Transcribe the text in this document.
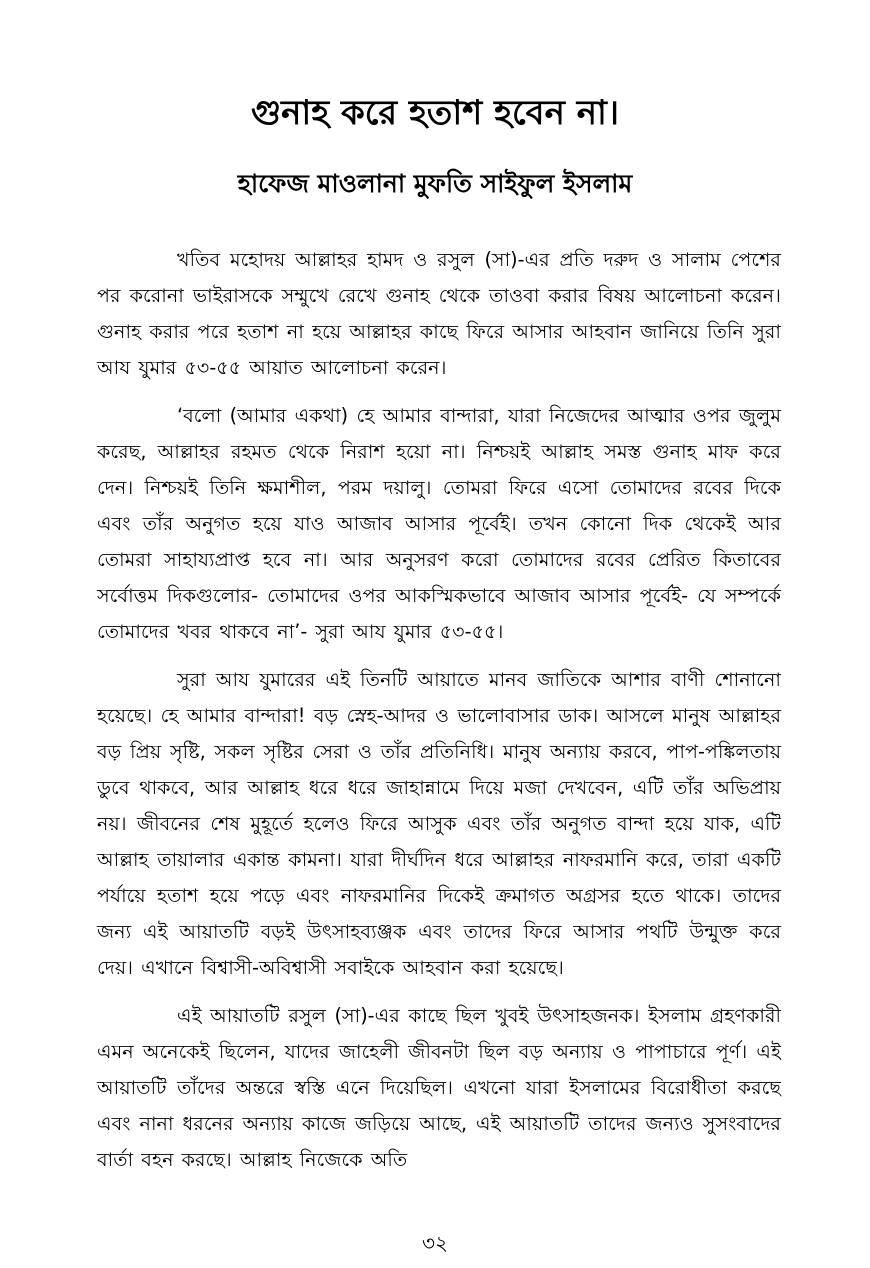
গুনাহ করে হতাশ হবেন না।
হাফেজ মাওলানা মুফতি সাইফুল ইসলাম

খতিব মহোদয় আল্লাহর হামদ ও রসুল (সা)-এর প্রতি দরুদ ও সালাম পেশের পর করোনা ভাইরাসকে সম্মুখে রেখে গুনাহ থেকে তাওবা করার বিষয় আলোচনা করেন। গুনাহ করার পরে হতাশ না হয়ে আল্লাহর কাছে ফিরে আসার আহবান জানিয়ে তিনি সুরা আয যুমার ৫৩-৫৫ আয়াত আলোচনা করেন।

‘বলো (আমার একথা) হে আমার বান্দারা, যারা নিজেদের আত্মার ওপর জুলুম করেছ, আল্লাহর রহমত থেকে নিরাশ হয়ো না। নিশ্চয়ই আল্লাহ সমস্ত গুনাহ মাফ করে দেন। নিশ্চয়ই তিনি ক্ষমাশীল, পরম দয়ালু। তোমরা ফিরে এসো তোমাদের রবের দিকে এবং তাঁর অনুগত হয়ে যাও আজাব আসার পূর্বেই। তখন কোনো দিক থেকেই আর তোমরা সাহায্যপ্রাপ্ত হবে না। আর অনুসরণ করো তোমাদের রবের প্রেরিত কিতাবের সর্বোত্তম দিকগুলোর- তোমাদের ওপর আকস্মিকভাবে আজাব আসার পূর্বেই- যে সম্পর্কে তোমাদের খবর থাকবে না’- সুরা আয যুমার ৫৩-৫৫।

সুরা আয যুমারের এই তিনটি আয়াতে মানব জাতিকে আশার বাণী শোনানো হয়েছে। হে আমার বান্দারা! বড় স্নেহ-আদর ও ভালোবাসার ডাক। আসলে মানুষ আল্লাহর বড় প্রিয় সৃষ্টি, সকল সৃষ্টির সেরা ও তাঁর প্রতিনিধি। মানুষ অন্যায় করবে, পাপ-পঙ্কিলতায় ডুবে থাকবে, আর আল্লাহ ধরে ধরে জাহান্নামে দিয়ে মজা দেখবেন, এটি তাঁর অভিপ্রায় নয়। জীবনের শেষ মুহূর্তে হলেও ফিরে আসুক এবং তাঁর অনুগত বান্দা হয়ে যাক, এটি আল্লাহ তায়ালার একান্ত কামনা। যারা দীর্ঘদিন ধরে আল্লাহর নাফরমানি করে, তারা একটি পর্যায়ে হতাশ হয়ে পড়ে এবং নাফরমানির দিকেই ক্রমাগত অগ্রসর হতে থাকে। তাদের জন্য এই আয়াতটি বড়ই উৎসাহব্যঞ্জক এবং তাদের ফিরে আসার পথটি উন্মুক্ত করে দেয়। এখানে বিশ্বাসী-অবিশ্বাসী সবাইকে আহবান করা হয়েছে।

এই আয়াতটি রসুল (সা)-এর কাছে ছিল খুবই উৎসাহজনক। ইসলাম গ্রহণকারী এমন অনেকেই ছিলেন, যাদের জাহেলী জীবনটা ছিল বড় অন্যায় ও পাপাচারে পূর্ণ। এই আয়াতটি তাঁদের অন্তরে স্বস্তি এনে দিয়েছিল। এখনো যারা ইসলামের বিরোধীতা করছে এবং নানা ধরনের অন্যায় কাজে জড়িয়ে আছে, এই আয়াতটি তাদের জন্যও সুসংবাদের বার্তা বহন করছে। আল্লাহ নিজেকে অতি

৩২
